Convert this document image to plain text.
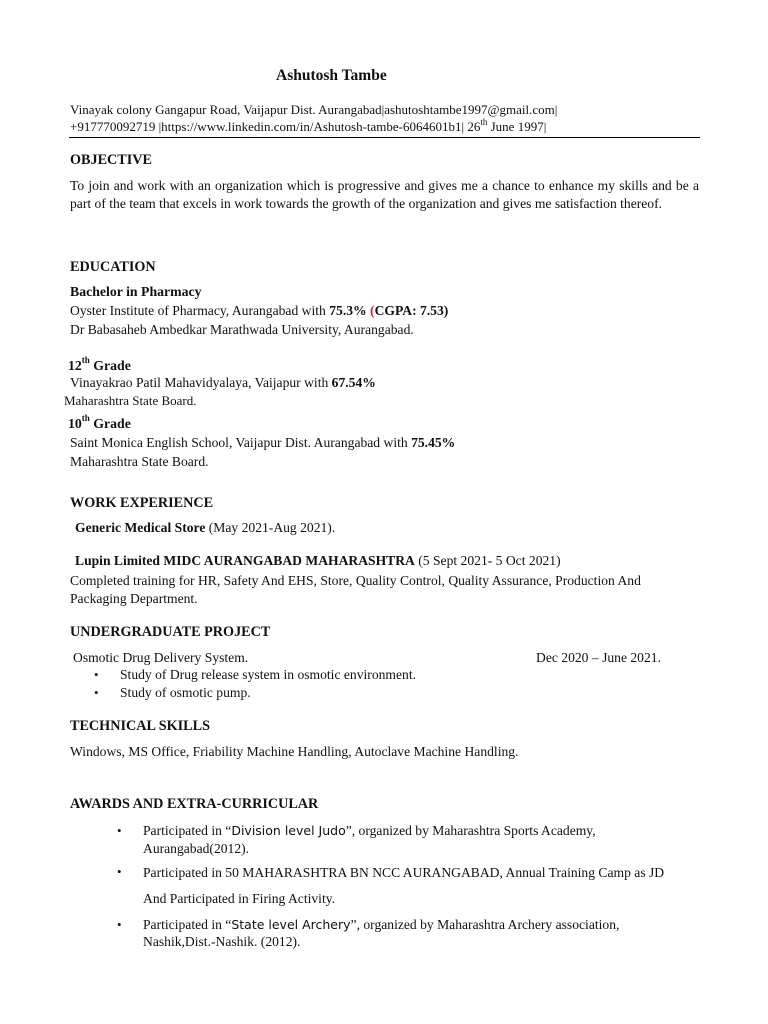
Ashutosh Tambe
Vinayak colony Gangapur Road, Vaijapur Dist. Aurangabad|ashutoshtambe1997@gmail.com|
+917770092719 |https://www.linkedin.com/in/Ashutosh-tambe-6064601b1| 26th June 1997|
OBJECTIVE
To join and work with an organization which is progressive and gives me a chance to enhance my skills and be a part of the team that excels in work towards the growth of the organization and gives me satisfaction thereof.
EDUCATION
Bachelor in Pharmacy
Oyster Institute of Pharmacy, Aurangabad with 75.3% (CGPA: 7.53)
Dr Babasaheb Ambedkar Marathwada University, Aurangabad.
12th Grade
Vinayakrao Patil Mahavidyalaya, Vaijapur with 67.54%
Maharashtra State Board.
10th Grade
Saint Monica English School, Vaijapur Dist. Aurangabad with 75.45%
Maharashtra State Board.
WORK EXPERIENCE
Generic Medical Store (May 2021-Aug 2021).
Lupin Limited MIDC AURANGABAD MAHARASHTRA (5 Sept 2021- 5 Oct 2021)
Completed training for HR, Safety And EHS, Store, Quality Control, Quality Assurance, Production And Packaging Department.
UNDERGRADUATE PROJECT
Osmotic Drug Delivery System.	Dec 2020 – June 2021.
• Study of Drug release system in osmotic environment.
• Study of osmotic pump.
TECHNICAL SKILLS
Windows, MS Office, Friability Machine Handling, Autoclave Machine Handling.
AWARDS AND EXTRA-CURRICULAR
• Participated in “Division level Judo”, organized by Maharashtra Sports Academy, Aurangabad(2012).
• Participated in 50 MAHARASHTRA BN NCC AURANGABAD, Annual Training Camp as JD And Participated in Firing Activity.
• Participated in “State level Archery”, organized by Maharashtra Archery association, Nashik,Dist.-Nashik. (2012).
